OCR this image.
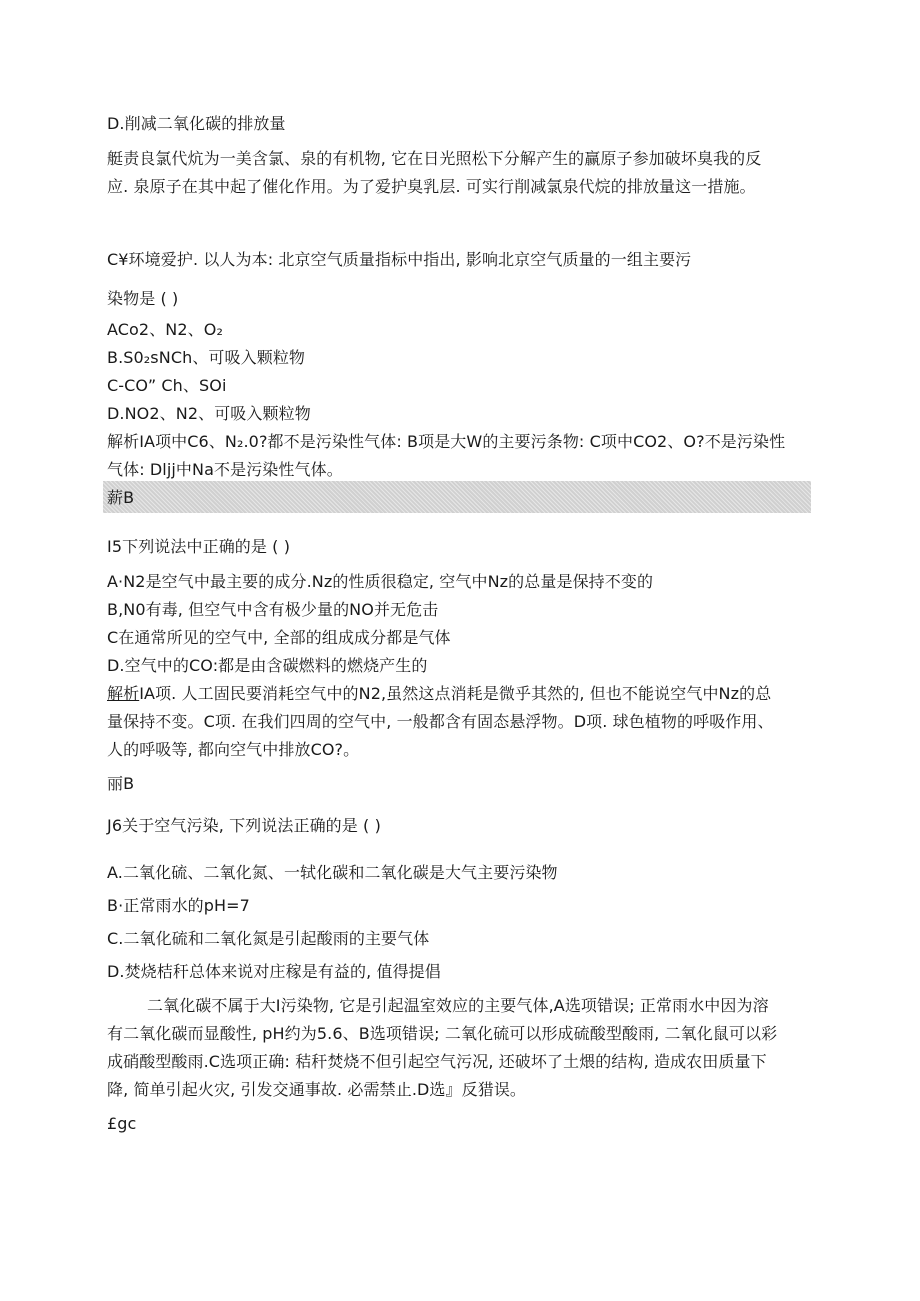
D.削减二氧化碳的排放量
艇责良氯代炕为一美含氯、泉的有机物, 它在日光照松下分解产生的赢原子参加破坏臭我的反
应. 泉原子在其中起了催化作用。为了爱护臭乳层. 可实行削减氯泉代烷的排放量这一措施。
C¥环境爱护. 以人为本: 北京空气质量指标中指出, 影响北京空气质量的一组主要污
染物是 ( )
ACo2、N2、O₂
B.S0₂sNCh、可吸入颗粒物
C-CO” Ch、SOi
D.NO2、N2、可吸入颗粒物
解析IA项中C6、N₂.0?都不是污染性气体: B项是大W的主要污条物: C项中CO2、O?不是污染性
气体: Dljj中Na不是污染性气体。
薪B
I5下列说法中正确的是 ( )
A·N2是空气中最主要的成分.Nz的性质很稳定, 空气中Nz的总量是保持不变的
B,N0有毒, 但空气中含有极少量的NO并无危击
C在通常所见的空气中, 全部的组成成分都是气体
D.空气中的CO:都是由含碳燃料的燃烧产生的
解析IA项. 人工固民要消耗空气中的N2,虽然这点消耗是微乎其然的, 但也不能说空气中Nz的总
量保持不变。C项. 在我们四周的空气中, 一般都含有固态悬浮物。D项. 球色植物的呼吸作用、
人的呼吸等, 都向空气中排放CO?。
丽B
J6关于空气污染, 下列说法正确的是 ( )
A.二氧化硫、二氧化氮、一轼化碳和二氧化碳是大气主要污染物
B·正常雨水的pH=7
C.二氧化硫和二氧化氮是引起酸雨的主要气体
D.焚烧桔秆总体来说对庄稼是有益的, 值得提倡
二氧化碳不属于大I污染物, 它是引起温室效应的主要气体,A选项错误; 正常雨水中因为溶
有二氧化碳而显酸性, pH约为5.6、B选项错误; 二氧化硫可以形成硫酸型酸雨, 二氧化鼠可以彩
成硝酸型酸雨.C选项正确: 秸秆焚烧不但引起空气污况, 还破坏了土煨的结构, 造成农田质量下
降, 简单引起火灾, 引发交通事故. 必需禁止.D选』反猎误。
£gc
